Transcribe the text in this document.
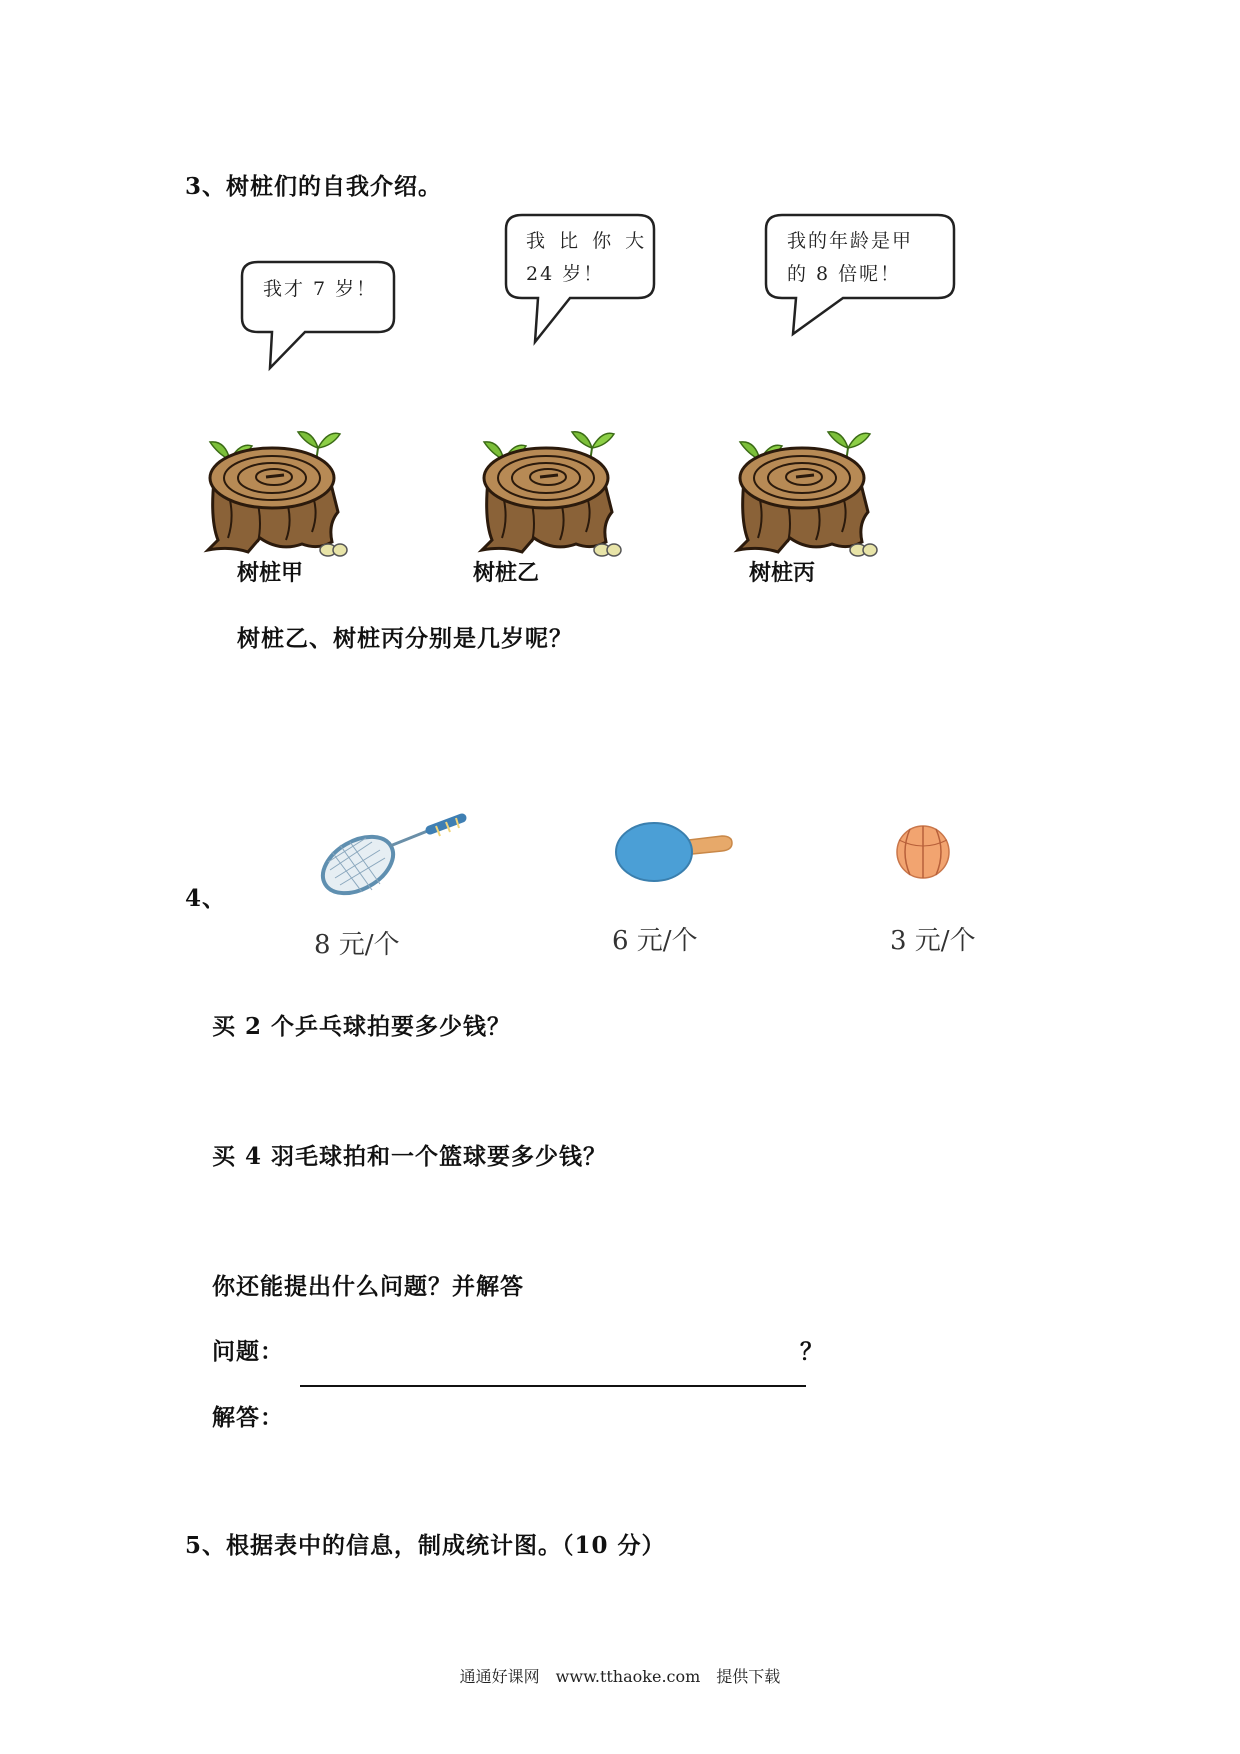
3、树桩们的自我介绍。
我才 7 岁！
我 比 你 大
24 岁！
我的年龄是甲
的 8 倍呢！
树桩甲	树桩乙	树桩丙
树桩乙、树桩丙分别是几岁呢？
4、
8 元/个	6 元/个	3 元/个
买 2 个乒乓球拍要多少钱？
买 4 羽毛球拍和一个篮球要多少钱？
你还能提出什么问题？并解答
问题：	？
解答：
5、根据表中的信息，制成统计图。（10 分）
通通好课网　www.tthaoke.com　提供下载
